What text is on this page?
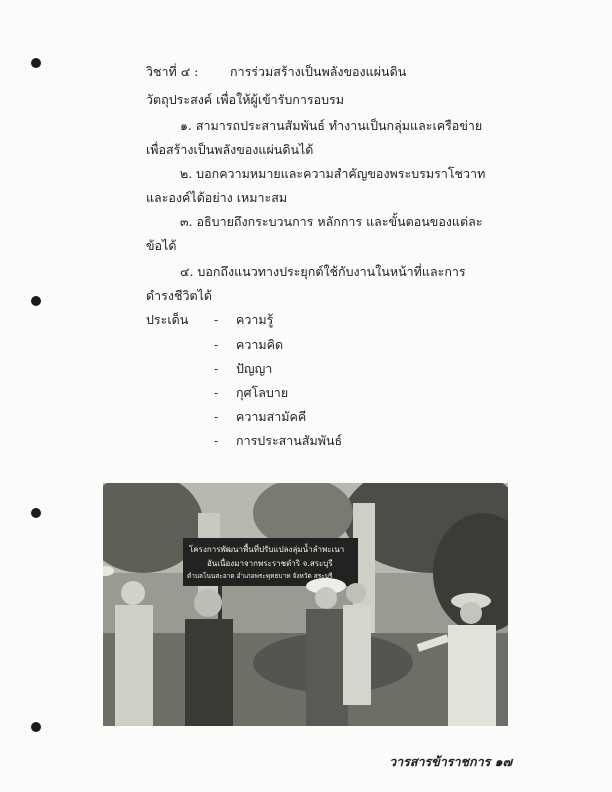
วิชาที่ ๔ :	การร่วมสร้างเป็นพลังของแผ่นดิน
วัตถุประสงค์ เพื่อให้ผู้เข้ารับการอบรม
๑. สามารถประสานสัมพันธ์ ทำงานเป็นกลุ่มและเครือข่าย
เพื่อสร้างเป็นพลังของแผ่นดินได้
๒. บอกความหมายและความสำคัญของพระบรมราโชวาท
และองค์ได้อย่าง เหมาะสม
๓. อธิบายถึงกระบวนการ หลักการ และขั้นตอนของแต่ละ
ข้อได้
๔. บอกถึงแนวทางประยุกต์ใช้กับงานในหน้าที่และการ
ดำรงชีวิตได้
ประเด็น - ความรู้
- ความคิด
- ปัญญา
- กุศโลบาย
- ความสามัคคี
- การประสานสัมพันธ์
โครงการพัฒนาพื้นที่ปรับแปลงลุ่มน้ำลำพะเนา
อันเนื่องมาจากพระราชดำริ จ.สระบุรี
ตำบลโนนสะอาด อำเภอพระพุทธบาท จังหวัด สระบุรี
วารสารข้าราชการ ๑๗
